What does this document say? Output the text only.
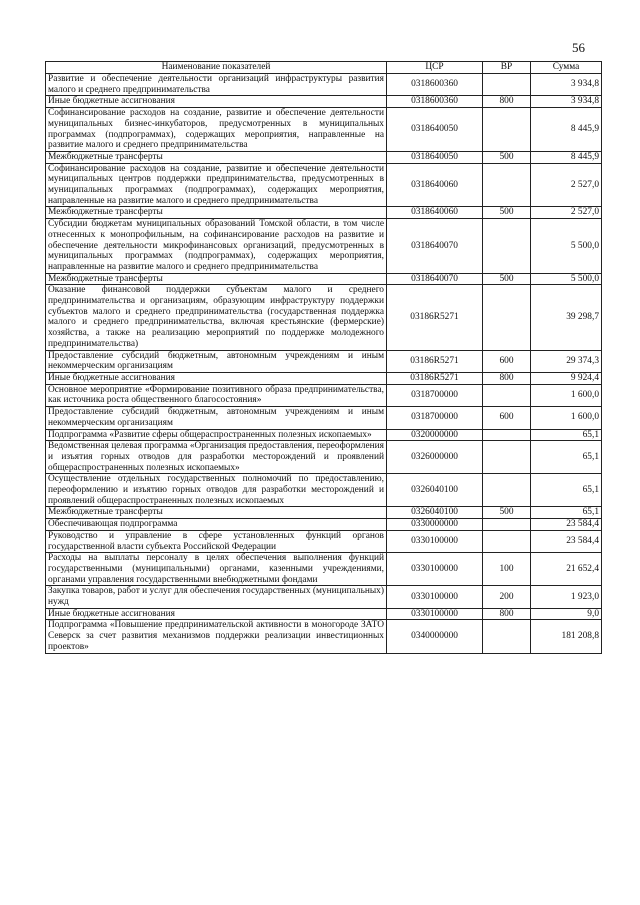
56
Наименование показателей	ЦСР	ВР	Сумма
Развитие и обеспечение деятельности организаций инфраструктуры развития малого и среднего предпринимательства	0318600360		3 934,8
Иные бюджетные ассигнования	0318600360	800	3 934,8
Софинансирование расходов на создание, развитие и обеспечение деятельности муниципальных бизнес-инкубаторов, предусмотренных в муниципальных программах (подпрограммах), содержащих мероприятия, направленные на развитие малого и среднего предпринимательства	0318640050		8 445,9
Межбюджетные трансферты	0318640050	500	8 445,9
Софинансирование расходов на создание, развитие и обеспечение деятельности муниципальных центров поддержки предпринимательства, предусмотренных в муниципальных программах (подпрограммах), содержащих мероприятия, направленные на развитие малого и среднего предпринимательства	0318640060		2 527,0
Межбюджетные трансферты	0318640060	500	2 527,0
Субсидии бюджетам муниципальных образований Томской области, в том числе отнесенных к монопрофильным, на софинансирование расходов на развитие и обеспечение деятельности микрофинансовых организаций, предусмотренных в муниципальных программах (подпрограммах), содержащих мероприятия, направленные на развитие малого и среднего предпринимательства	0318640070		5 500,0
Межбюджетные трансферты	0318640070	500	5 500,0
Оказание финансовой поддержки субъектам малого и среднего предпринимательства и организациям, образующим инфраструктуру поддержки субъектов малого и среднего предпринимательства (государственная поддержка малого и среднего предпринимательства, включая крестьянские (фермерские) хозяйства, а также на реализацию мероприятий по поддержке молодежного предпринимательства)	03186R5271		39 298,7
Предоставление субсидий бюджетным, автономным учреждениям и иным некоммерческим организациям	03186R5271	600	29 374,3
Иные бюджетные ассигнования	03186R5271	800	9 924,4
Основное мероприятие «Формирование позитивного образа предпринимательства, как источника роста общественного благосостояния»	0318700000		1 600,0
Предоставление субсидий бюджетным, автономным учреждениям и иным некоммерческим организациям	0318700000	600	1 600,0
Подпрограмма «Развитие сферы общераспространенных полезных ископаемых»	0320000000		65,1
Ведомственная целевая программа «Организация предоставления, переоформления и изъятия горных отводов для разработки месторождений и проявлений общераспространенных полезных ископаемых»	0326000000		65,1
Осуществление отдельных государственных полномочий по предоставлению, переоформлению и изъятию горных отводов для разработки месторождений и проявлений общераспространенных полезных ископаемых	0326040100		65,1
Межбюджетные трансферты	0326040100	500	65,1
Обеспечивающая подпрограмма	0330000000		23 584,4
Руководство и управление в сфере установленных функций органов государственной власти субъекта Российской Федерации	0330100000		23 584,4
Расходы на выплаты персоналу в целях обеспечения выполнения функций государственными (муниципальными) органами, казенными учреждениями, органами управления государственными внебюджетными фондами	0330100000	100	21 652,4
Закупка товаров, работ и услуг для обеспечения государственных (муниципальных) нужд	0330100000	200	1 923,0
Иные бюджетные ассигнования	0330100000	800	9,0
Подпрограмма «Повышение предпринимательской активности в моногороде ЗАТО Северск за счет развития механизмов поддержки реализации инвестиционных проектов»	0340000000		181 208,8
